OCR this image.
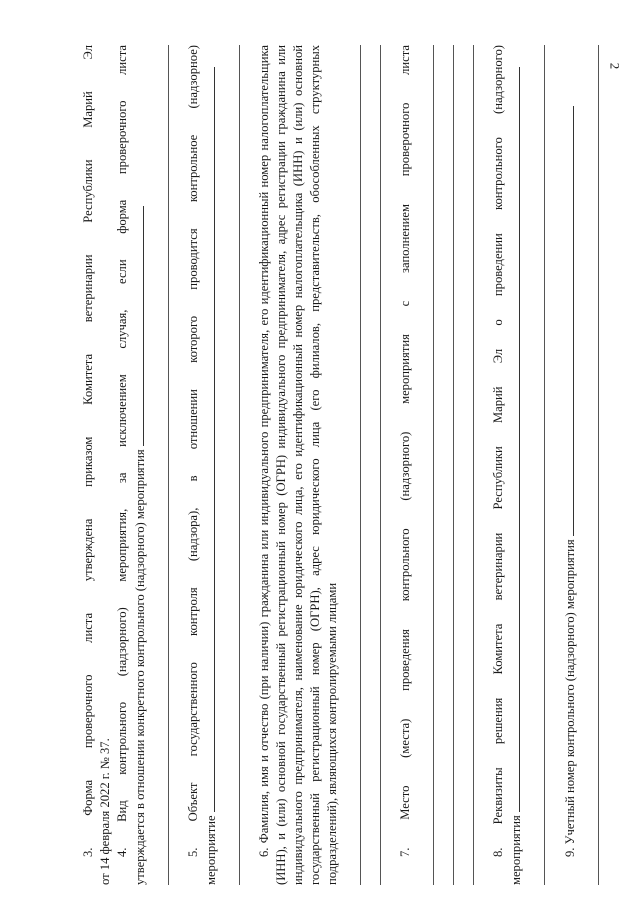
2

3. Форма проверочного листа утверждена приказом Комитета ветеринарии Республики Марий Эл от 14 февраля 2022 г. № 37. 4. Вид контрольного (надзорного) мероприятия, за исключением случая, если форма проверочного листа утверждается в отношении конкретного контрольного (надзорного) мероприятия	5. Объект государственного контроля (надзора), в отношении которого проводится контрольное (надзорное) мероприятие	6. Фамилия, имя и отчество (при наличии) гражданина или индивидуального предпринимателя, его идентификационный номер налогоплательщика (ИНН), и (или) основной государственный регистрационный номер (ОГРН) индивидуального предпринимателя, адрес регистрации гражданина или индивидуального предпринимателя, наименование юридического лица, его идентификационный номер налогоплательщика (ИНН) и (или) основной государственный регистрационный номер (ОГРН), адрес юридического лица (его филиалов, представительств, обособленных структурных подразделений), являющихся контролируемыми лицами	7. Место (места) проведения контрольного (надзорного) мероприятия с заполнением проверочного листа	8. Реквизиты решения Комитета ветеринарии Республики Марий Эл о проведении контрольного (надзорного) мероприятия	9. Учетный номер контрольного (надзорного) мероприятия
